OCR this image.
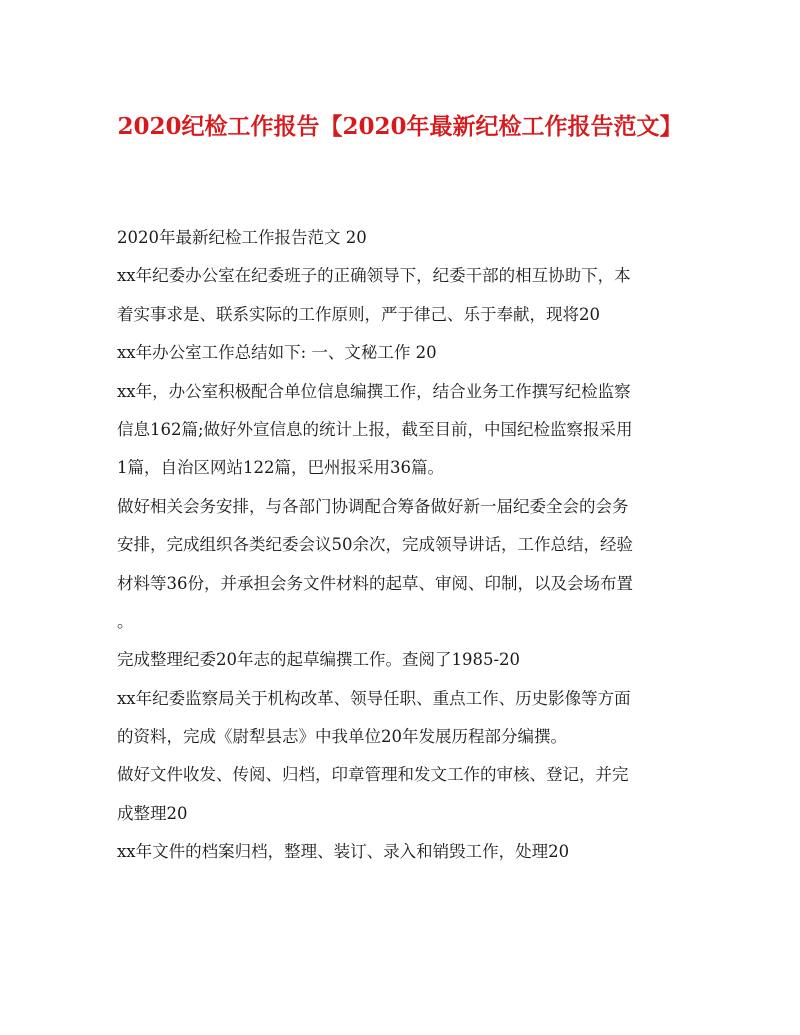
2020纪检工作报告【2020年最新纪检工作报告范文】
2020年最新纪检工作报告范文 20
xx年纪委办公室在纪委班子的正确领导下，纪委干部的相互协助下，本
着实事求是、联系实际的工作原则，严于律己、乐于奉献，现将20
xx年办公室工作总结如下: 一、文秘工作 20
xx年，办公室积极配合单位信息编撰工作，结合业务工作撰写纪检监察
信息162篇;做好外宣信息的统计上报，截至目前，中国纪检监察报采用
1篇，自治区网站122篇，巴州报采用36篇。
做好相关会务安排，与各部门协调配合筹备做好新一届纪委全会的会务
安排，完成组织各类纪委会议50余次，完成领导讲话，工作总结，经验
材料等36份，并承担会务文件材料的起草、审阅、印制，以及会场布置
。
完成整理纪委20年志的起草编撰工作。查阅了1985-20
xx年纪委监察局关于机构改革、领导任职、重点工作、历史影像等方面
的资料，完成《尉犁县志》中我单位20年发展历程部分编撰。
做好文件收发、传阅、归档，印章管理和发文工作的审核、登记，并完
成整理20
xx年文件的档案归档，整理、装订、录入和销毁工作，处理20
